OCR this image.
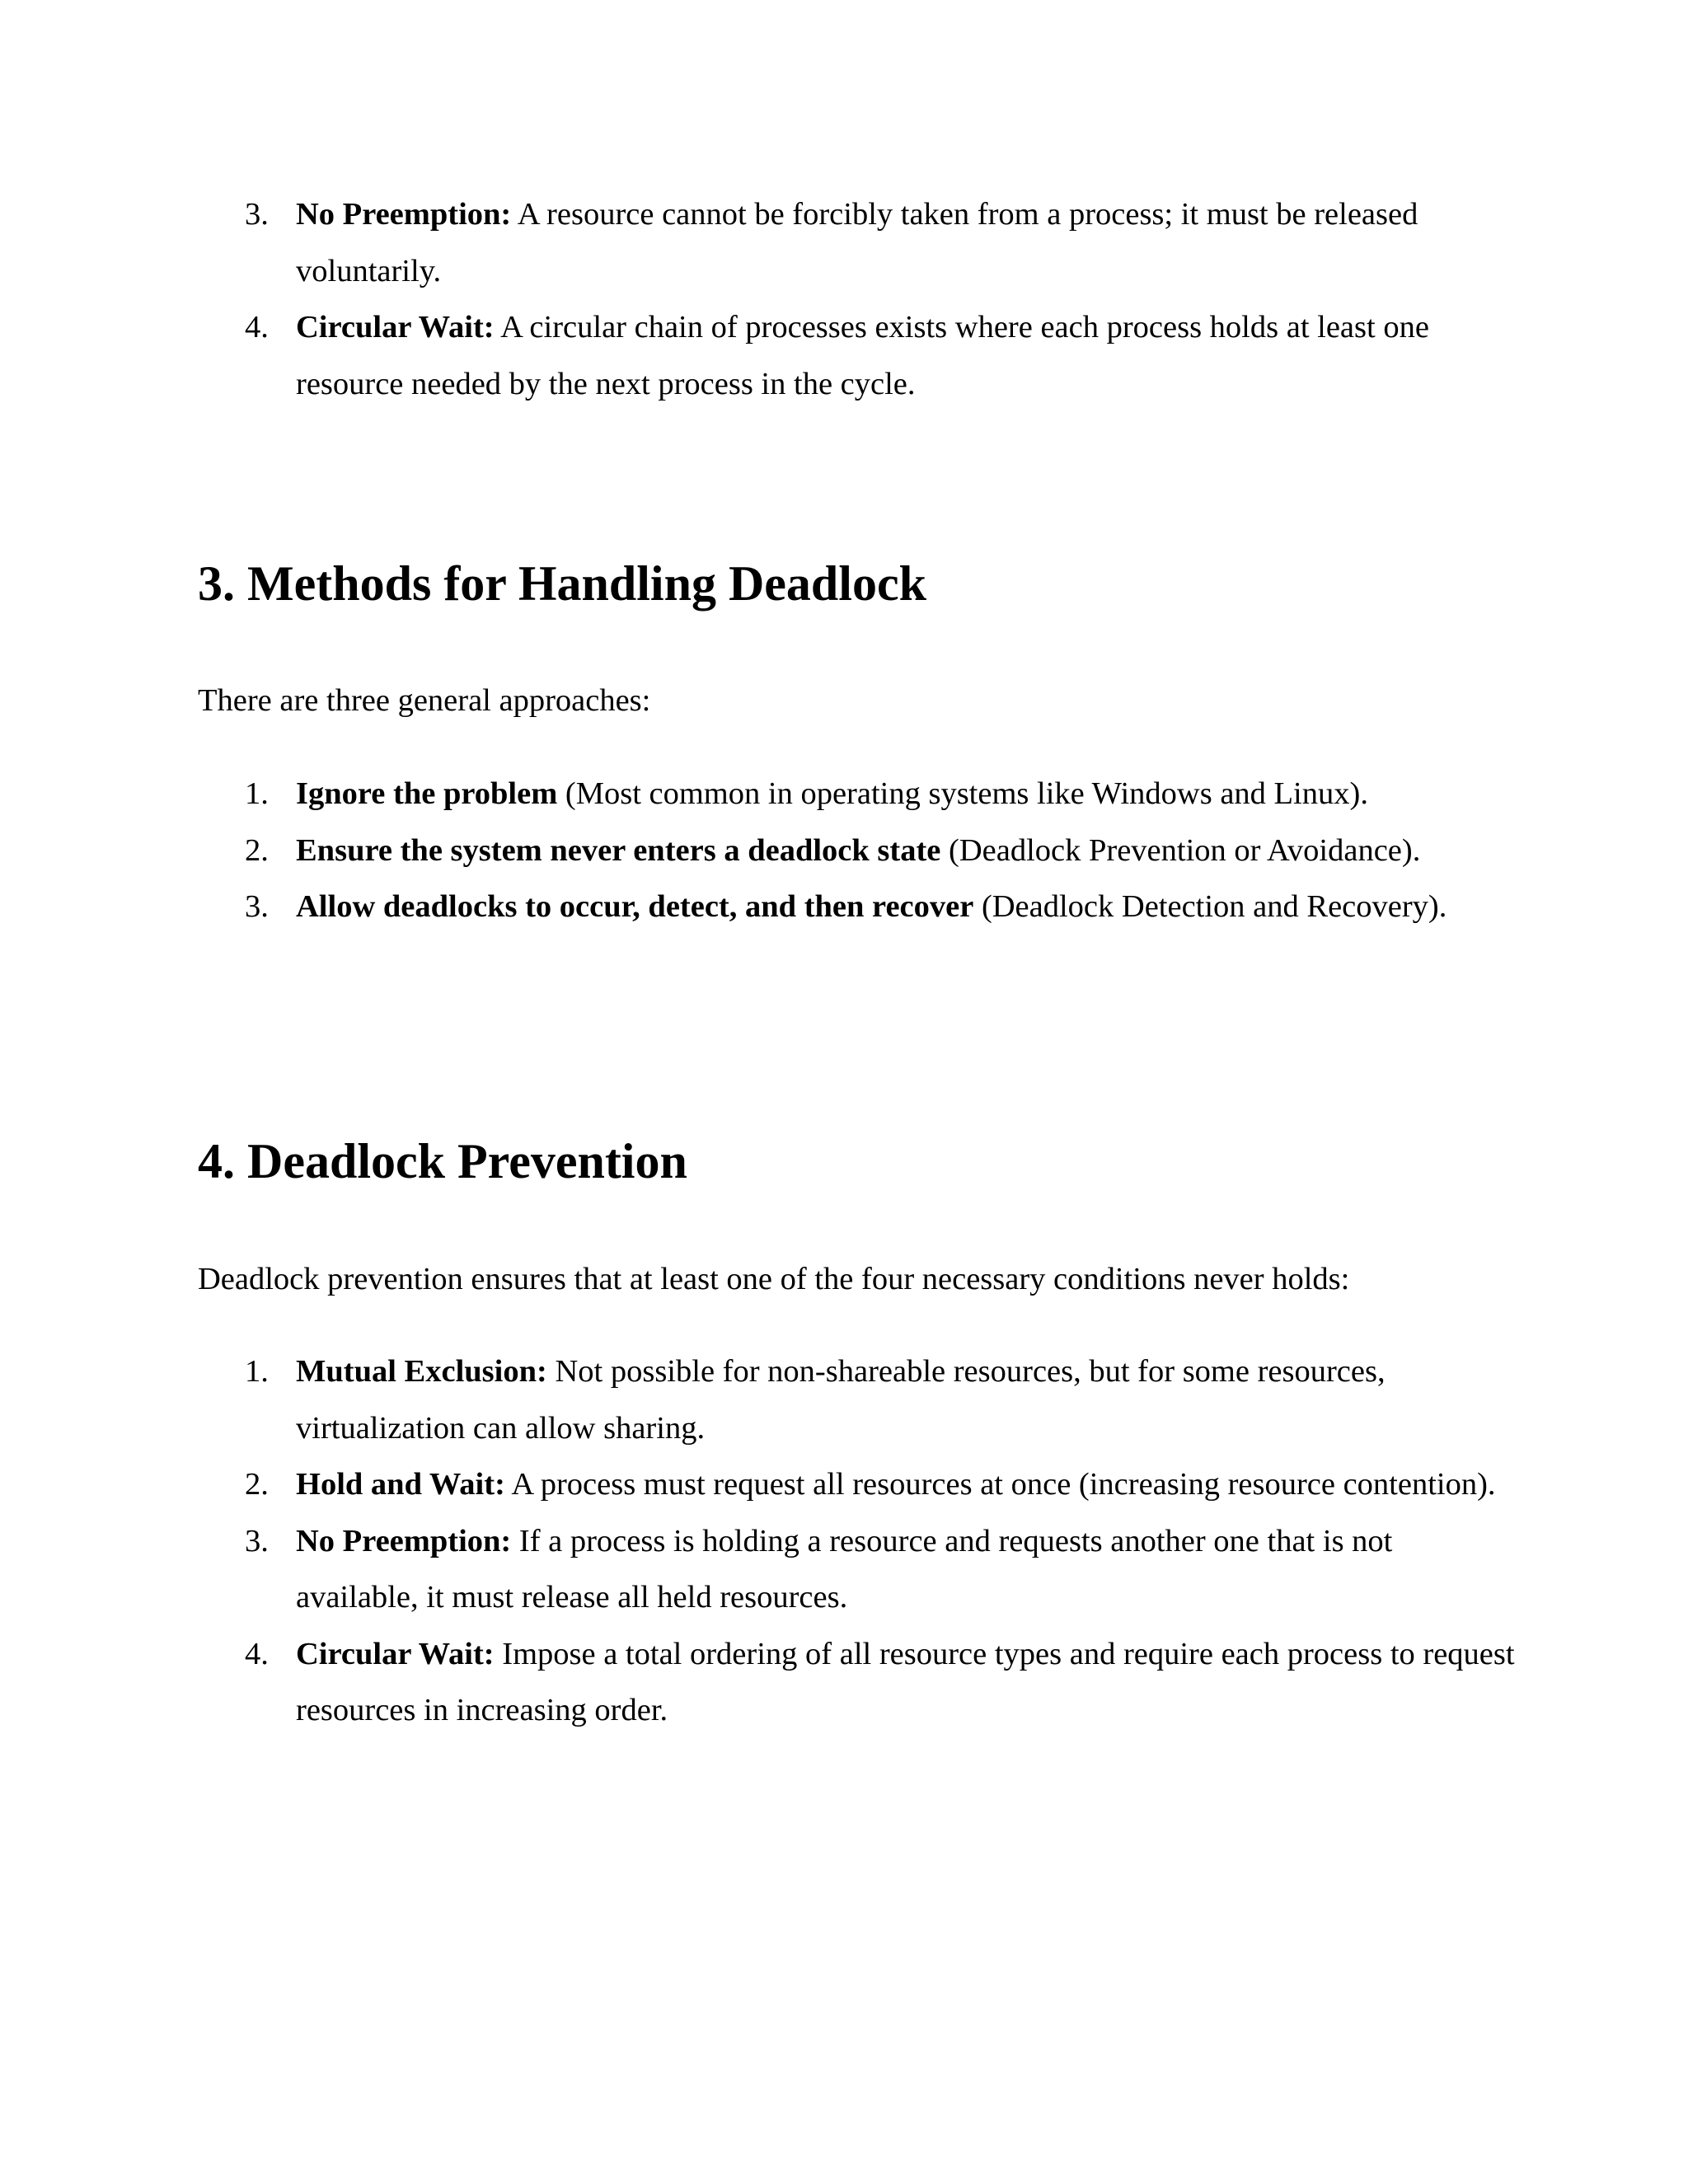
3. No Preemption: A resource cannot be forcibly taken from a process; it must be released voluntarily.
4. Circular Wait: A circular chain of processes exists where each process holds at least one resource needed by the next process in the cycle.
3. Methods for Handling Deadlock

There are three general approaches:

1. Ignore the problem (Most common in operating systems like Windows and Linux).
2. Ensure the system never enters a deadlock state (Deadlock Prevention or Avoidance).
3. Allow deadlocks to occur, detect, and then recover (Deadlock Detection and Recovery).
4. Deadlock Prevention

Deadlock prevention ensures that at least one of the four necessary conditions never holds:

1. Mutual Exclusion: Not possible for non-shareable resources, but for some resources, virtualization can allow sharing.
2. Hold and Wait: A process must request all resources at once (increasing resource contention).
3. No Preemption: If a process is holding a resource and requests another one that is not available, it must release all held resources.
4. Circular Wait: Impose a total ordering of all resource types and require each process to request resources in increasing order.
